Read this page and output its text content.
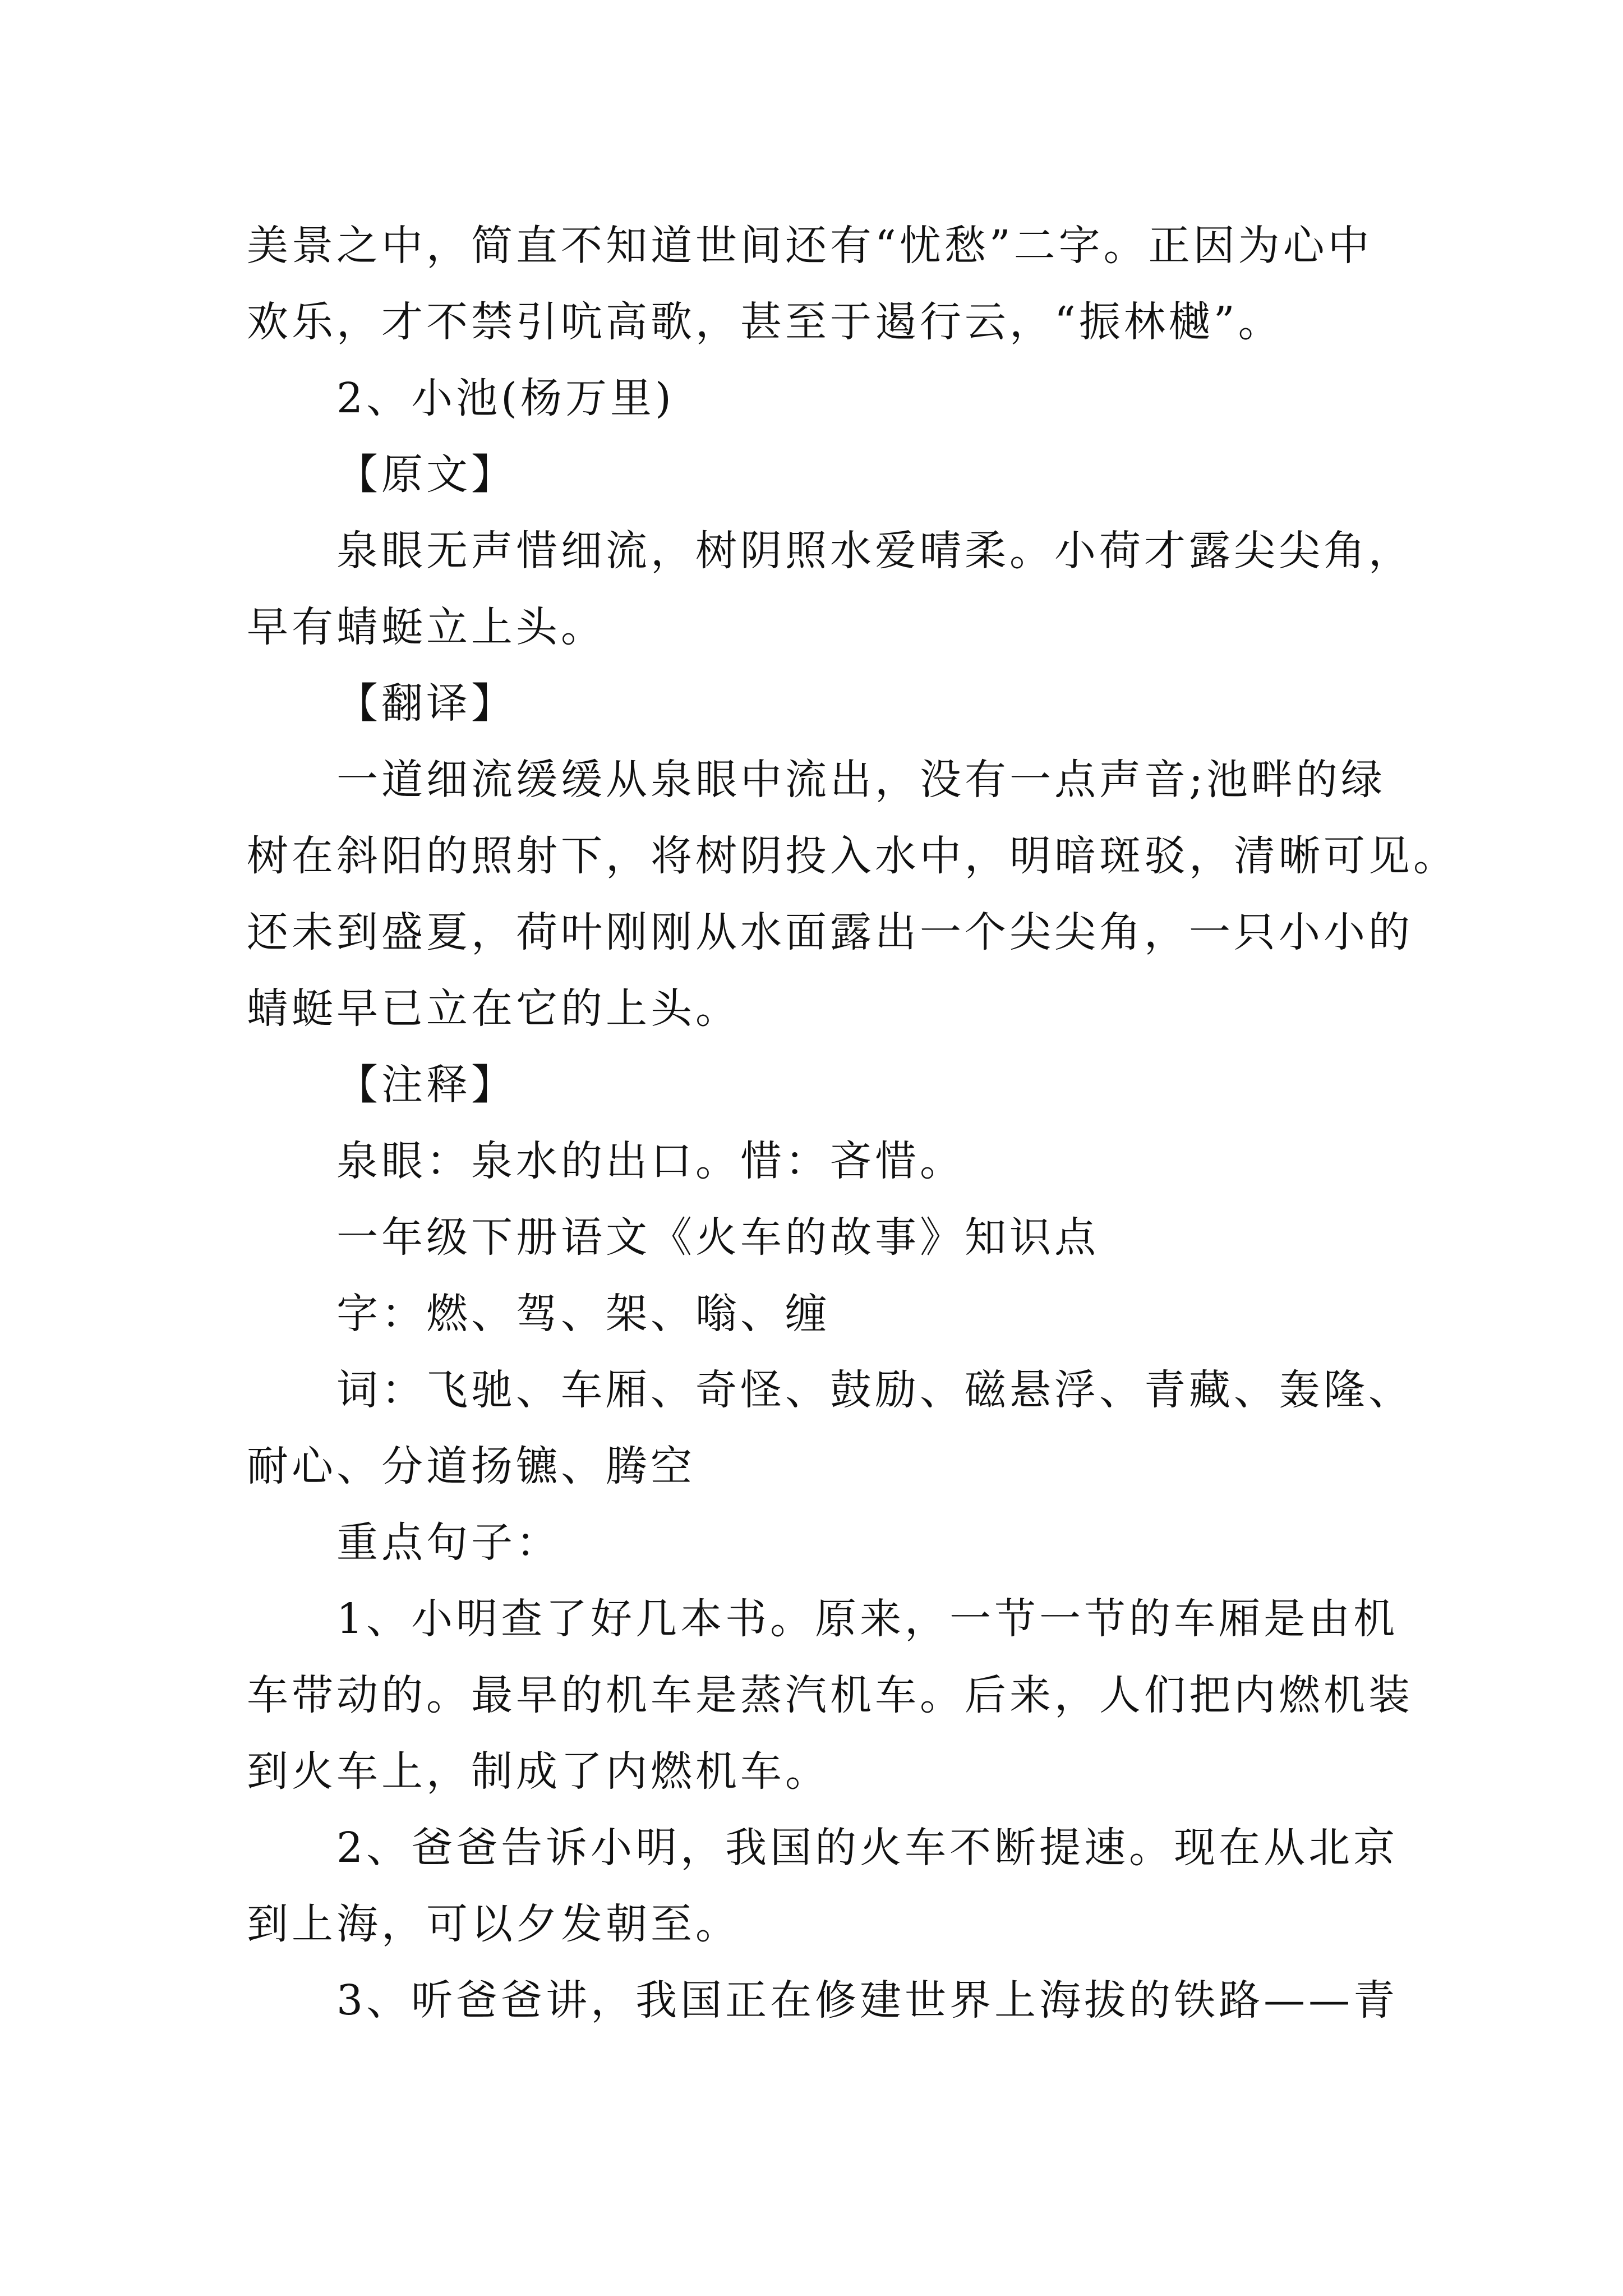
美景之中，简直不知道世间还有“忧愁”二字。正因为心中
欢乐，才不禁引吭高歌，甚至于遏行云，“振林樾”。
2、小池(杨万里)
【原文】
泉眼无声惜细流，树阴照水爱晴柔。小荷才露尖尖角，
早有蜻蜓立上头。
【翻译】
一道细流缓缓从泉眼中流出，没有一点声音;池畔的绿
树在斜阳的照射下，将树阴投入水中，明暗斑驳，清晰可见。
还未到盛夏，荷叶刚刚从水面露出一个尖尖角，一只小小的
蜻蜓早已立在它的上头。
【注释】
泉眼：泉水的出口。惜：吝惜。
一年级下册语文《火车的故事》知识点
字：燃、驾、架、嗡、缠
词：飞驰、车厢、奇怪、鼓励、磁悬浮、青藏、轰隆、
耐心、分道扬镳、腾空
重点句子：
1、小明查了好几本书。原来，一节一节的车厢是由机
车带动的。最早的机车是蒸汽机车。后来，人们把内燃机装
到火车上，制成了内燃机车。
2、爸爸告诉小明，我国的火车不断提速。现在从北京
到上海，可以夕发朝至。
3、听爸爸讲，我国正在修建世界上海拔的铁路——青
